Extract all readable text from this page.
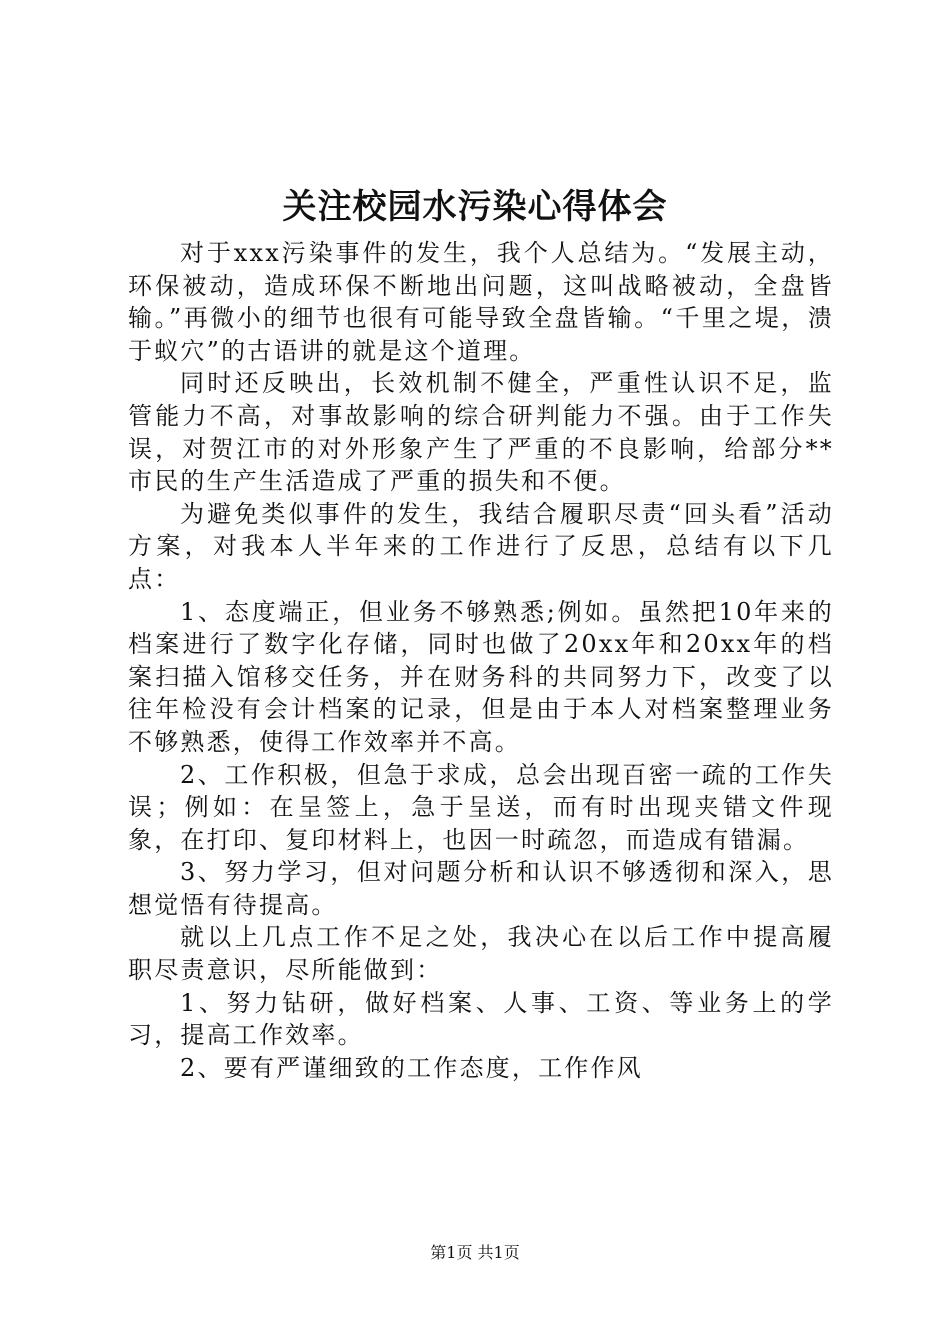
关注校园水污染心得体会

对于xxx污染事件的发生，我个人总结为。“发展主动，环保被动，造成环保不断地出问题，这叫战略被动，全盘皆输。”再微小的细节也很有可能导致全盘皆输。“千里之堤，溃于蚁穴”的古语讲的就是这个道理。

同时还反映出，长效机制不健全，严重性认识不足，监管能力不高，对事故影响的综合研判能力不强。由于工作失误，对贺江市的对外形象产生了严重的不良影响，给部分**市民的生产生活造成了严重的损失和不便。

为避免类似事件的发生，我结合履职尽责“回头看”活动方案，对我本人半年来的工作进行了反思，总结有以下几点：

1、态度端正，但业务不够熟悉;例如。虽然把10年来的档案进行了数字化存储，同时也做了20xx年和20xx年的档案扫描入馆移交任务，并在财务科的共同努力下，改变了以往年检没有会计档案的记录，但是由于本人对档案整理业务不够熟悉，使得工作效率并不高。

2、工作积极，但急于求成，总会出现百密一疏的工作失误；例如：在呈签上，急于呈送，而有时出现夹错文件现象，在打印、复印材料上，也因一时疏忽，而造成有错漏。

3、努力学习，但对问题分析和认识不够透彻和深入，思想觉悟有待提高。

就以上几点工作不足之处，我决心在以后工作中提高履职尽责意识，尽所能做到：

1、努力钻研，做好档案、人事、工资、等业务上的学习，提高工作效率。

2、要有严谨细致的工作态度，工作作风

第1页 共1页
